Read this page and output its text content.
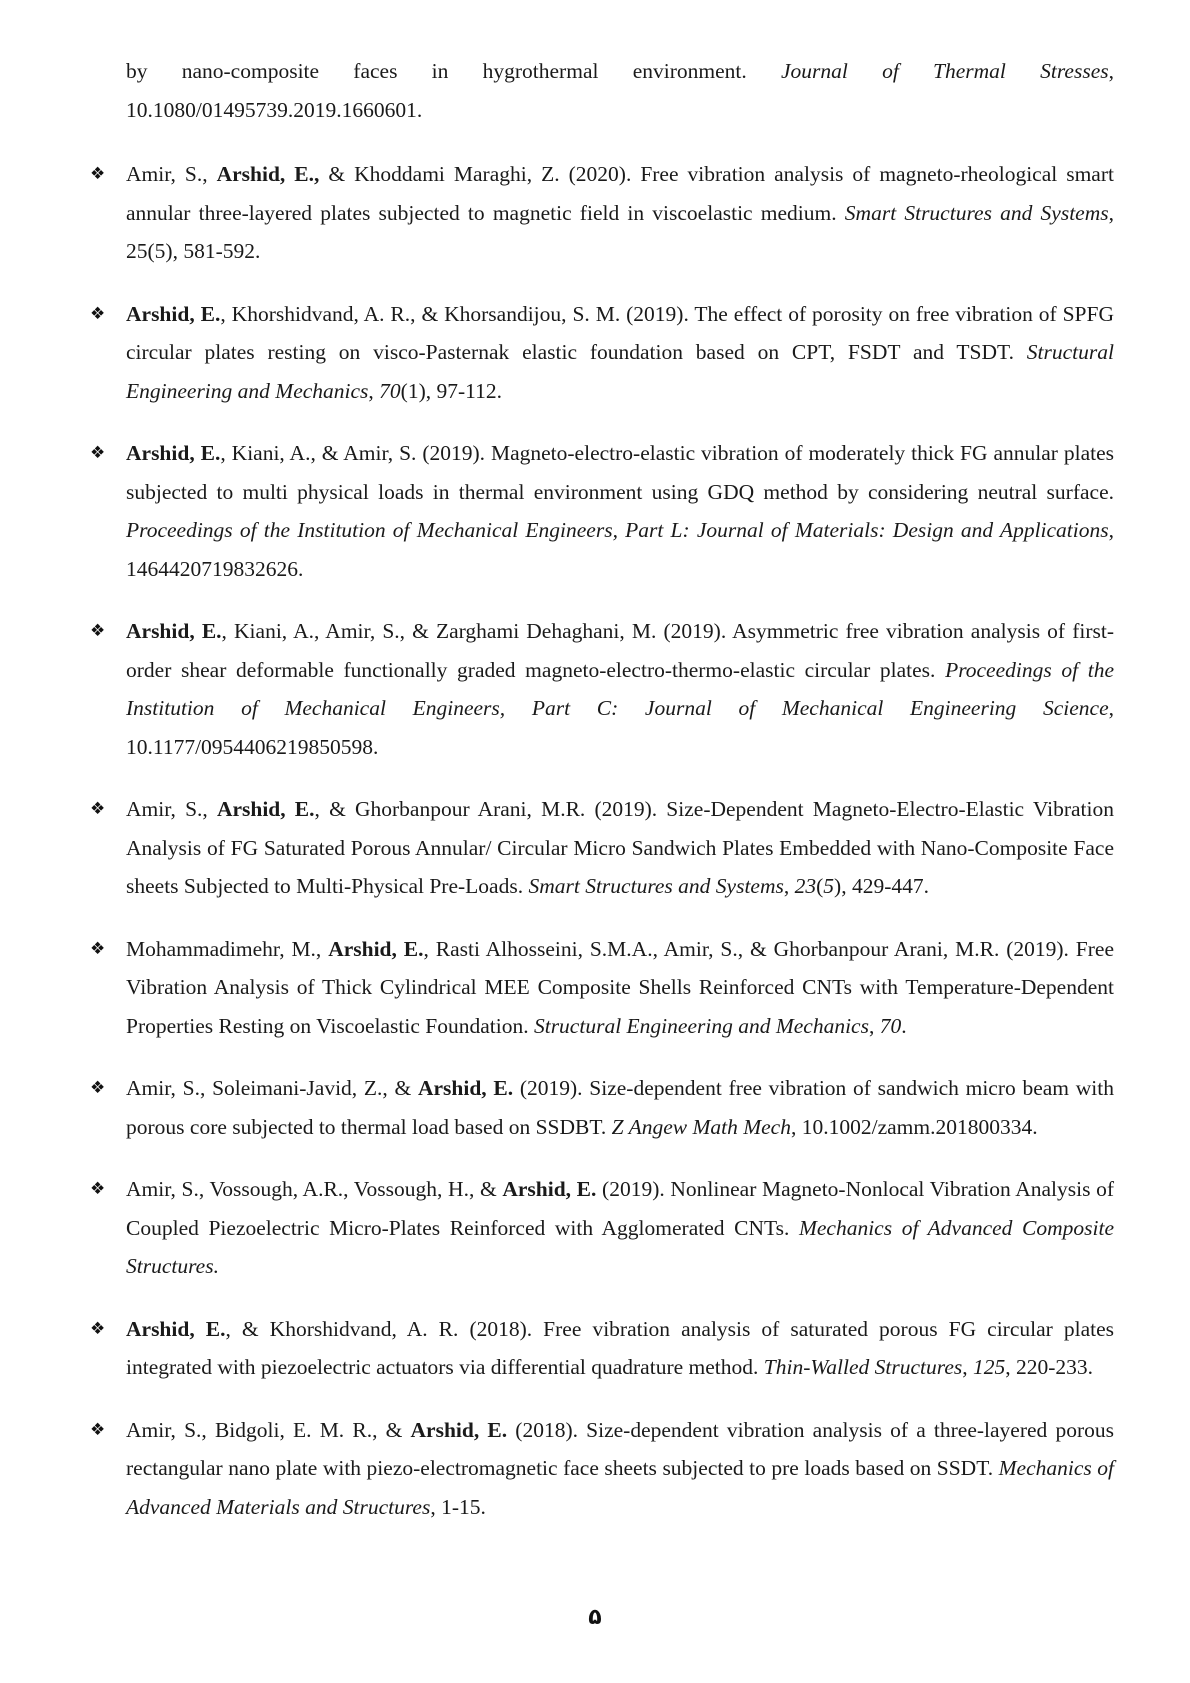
by nano-composite faces in hygrothermal environment. Journal of Thermal Stresses, 10.1080/01495739.2019.1660601.

❖ Amir, S., Arshid, E., & Khoddami Maraghi, Z. (2020). Free vibration analysis of magneto-rheological smart annular three-layered plates subjected to magnetic field in viscoelastic medium. Smart Structures and Systems, 25(5), 581-592.

❖ Arshid, E., Khorshidvand, A. R., & Khorsandijou, S. M. (2019). The effect of porosity on free vibration of SPFG circular plates resting on visco-Pasternak elastic foundation based on CPT, FSDT and TSDT. Structural Engineering and Mechanics, 70(1), 97-112.

❖ Arshid, E., Kiani, A., & Amir, S. (2019). Magneto-electro-elastic vibration of moderately thick FG annular plates subjected to multi physical loads in thermal environment using GDQ method by considering neutral surface. Proceedings of the Institution of Mechanical Engineers, Part L: Journal of Materials: Design and Applications, 1464420719832626.

❖ Arshid, E., Kiani, A., Amir, S., & Zarghami Dehaghani, M. (2019). Asymmetric free vibration analysis of first-order shear deformable functionally graded magneto-electro-thermo-elastic circular plates. Proceedings of the Institution of Mechanical Engineers, Part C: Journal of Mechanical Engineering Science, 10.1177/0954406219850598.

❖ Amir, S., Arshid, E., & Ghorbanpour Arani, M.R. (2019). Size-Dependent Magneto-Electro-Elastic Vibration Analysis of FG Saturated Porous Annular/ Circular Micro Sandwich Plates Embedded with Nano-Composite Face sheets Subjected to Multi-Physical Pre-Loads. Smart Structures and Systems, 23(5), 429-447.

❖ Mohammadimehr, M., Arshid, E., Rasti Alhosseini, S.M.A., Amir, S., & Ghorbanpour Arani, M.R. (2019). Free Vibration Analysis of Thick Cylindrical MEE Composite Shells Reinforced CNTs with Temperature-Dependent Properties Resting on Viscoelastic Foundation. Structural Engineering and Mechanics, 70.

❖ Amir, S., Soleimani-Javid, Z., & Arshid, E. (2019). Size-dependent free vibration of sandwich micro beam with porous core subjected to thermal load based on SSDBT. Z Angew Math Mech, 10.1002/zamm.201800334.

❖ Amir, S., Vossough, A.R., Vossough, H., & Arshid, E. (2019). Nonlinear Magneto-Nonlocal Vibration Analysis of Coupled Piezoelectric Micro-Plates Reinforced with Agglomerated CNTs. Mechanics of Advanced Composite Structures.

❖ Arshid, E., & Khorshidvand, A. R. (2018). Free vibration analysis of saturated porous FG circular plates integrated with piezoelectric actuators via differential quadrature method. Thin-Walled Structures, 125, 220-233.

❖ Amir, S., Bidgoli, E. M. R., & Arshid, E. (2018). Size-dependent vibration analysis of a three-layered porous rectangular nano plate with piezo-electromagnetic face sheets subjected to pre loads based on SSDT. Mechanics of Advanced Materials and Structures, 1-15.

۵
